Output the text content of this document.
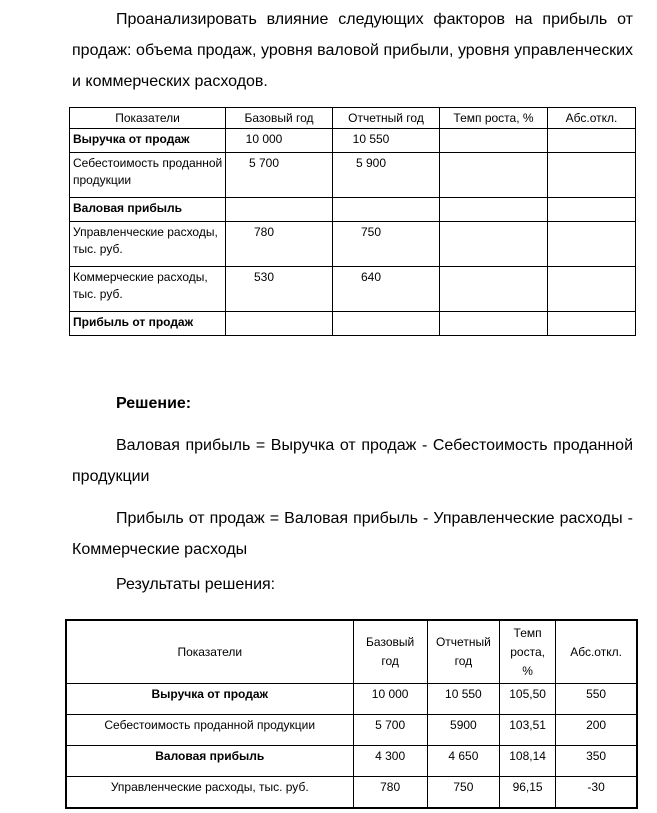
Проанализировать влияние следующих факторов на прибыль от продаж: объема продаж, уровня валовой прибыли, уровня управленческих и коммерческих расходов.

Показатели	Базовый год	Отчетный год	Темп роста, %	Абс.откл.
Выручка от продаж	10 000	10 550		
Себестоимость проданной продукции	5 700	5 900		
Валовая прибыль				
Управленческие расходы, тыс. руб.	780	750		
Коммерческие расходы, тыс. руб.	530	640		
Прибыль от продаж				

Решение:

Валовая прибыль = Выручка от продаж - Себестоимость проданной продукции

Прибыль от продаж = Валовая прибыль - Управленческие расходы - Коммерческие расходы

Результаты решения:

Показатели	Базовый год	Отчетный год	Темп роста, %	Абс.откл.
Выручка от продаж	10 000	10 550	105,50	550
Себестоимость проданной продукции	5 700	5900	103,51	200
Валовая прибыль	4 300	4 650	108,14	350
Управленческие расходы, тыс. руб.	780	750	96,15	-30
